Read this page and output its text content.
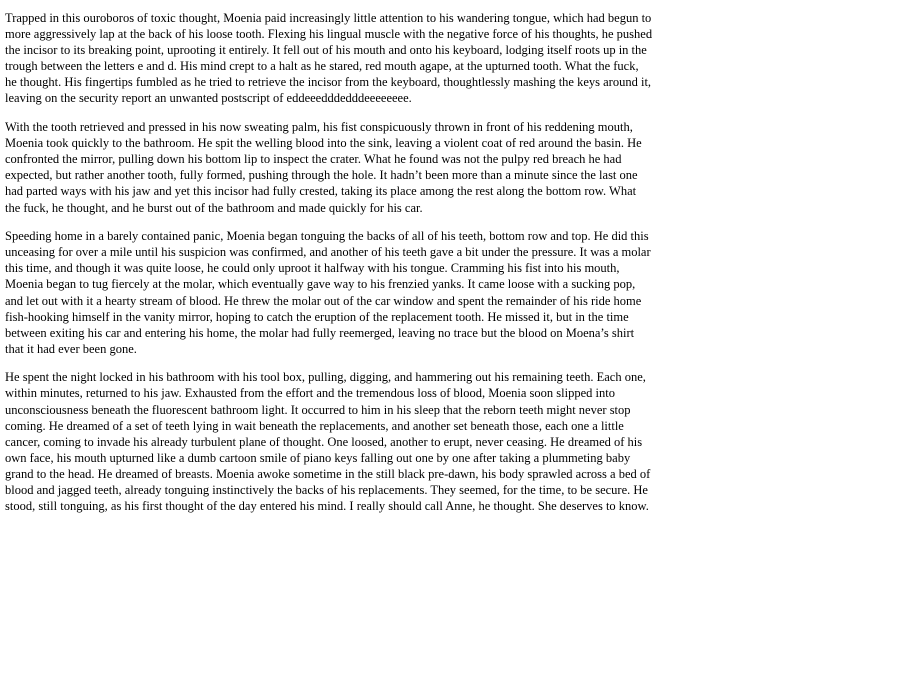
Trapped in this ouroboros of toxic thought, Moenia paid increasingly little attention to his wandering tongue, which had begun to more aggressively lap at the back of his loose tooth. Flexing his lingual muscle with the negative force of his thoughts, he pushed the incisor to its breaking point, uprooting it entirely. It fell out of his mouth and onto his keyboard, lodging itself roots up in the trough between the letters e and d. His mind crept to a halt as he stared, red mouth agape, at the upturned tooth. What the fuck, he thought. His fingertips fumbled as he tried to retrieve the incisor from the keyboard, thoughtlessly mashing the keys around it, leaving on the security report an unwanted postscript of eddeeedddedddeeeeeeee.

With the tooth retrieved and pressed in his now sweating palm, his fist conspicuously thrown in front of his reddening mouth, Moenia took quickly to the bathroom. He spit the welling blood into the sink, leaving a violent coat of red around the basin. He confronted the mirror, pulling down his bottom lip to inspect the crater. What he found was not the pulpy red breach he had expected, but rather another tooth, fully formed, pushing through the hole. It hadn’t been more than a minute since the last one had parted ways with his jaw and yet this incisor had fully crested, taking its place among the rest along the bottom row. What the fuck, he thought, and he burst out of the bathroom and made quickly for his car.

Speeding home in a barely contained panic, Moenia began tonguing the backs of all of his teeth, bottom row and top. He did this unceasing for over a mile until his suspicion was confirmed, and another of his teeth gave a bit under the pressure. It was a molar this time, and though it was quite loose, he could only uproot it halfway with his tongue. Cramming his fist into his mouth, Moenia began to tug fiercely at the molar, which eventually gave way to his frenzied yanks. It came loose with a sucking pop, and let out with it a hearty stream of blood. He threw the molar out of the car window and spent the remainder of his ride home fish-hooking himself in the vanity mirror, hoping to catch the eruption of the replacement tooth. He missed it, but in the time between exiting his car and entering his home, the molar had fully reemerged, leaving no trace but the blood on Moena’s shirt that it had ever been gone.

He spent the night locked in his bathroom with his tool box, pulling, digging, and hammering out his remaining teeth. Each one, within minutes, returned to his jaw. Exhausted from the effort and the tremendous loss of blood, Moenia soon slipped into unconsciousness beneath the fluorescent bathroom light. It occurred to him in his sleep that the reborn teeth might never stop coming. He dreamed of a set of teeth lying in wait beneath the replacements, and another set beneath those, each one a little cancer, coming to invade his already turbulent plane of thought. One loosed, another to erupt, never ceasing. He dreamed of his own face, his mouth upturned like a dumb cartoon smile of piano keys falling out one by one after taking a plummeting baby grand to the head. He dreamed of breasts. Moenia awoke sometime in the still black pre-dawn, his body sprawled across a bed of blood and jagged teeth, already tonguing instinctively the backs of his replacements. They seemed, for the time, to be secure. He stood, still tonguing, as his first thought of the day entered his mind. I really should call Anne, he thought. She deserves to know.
